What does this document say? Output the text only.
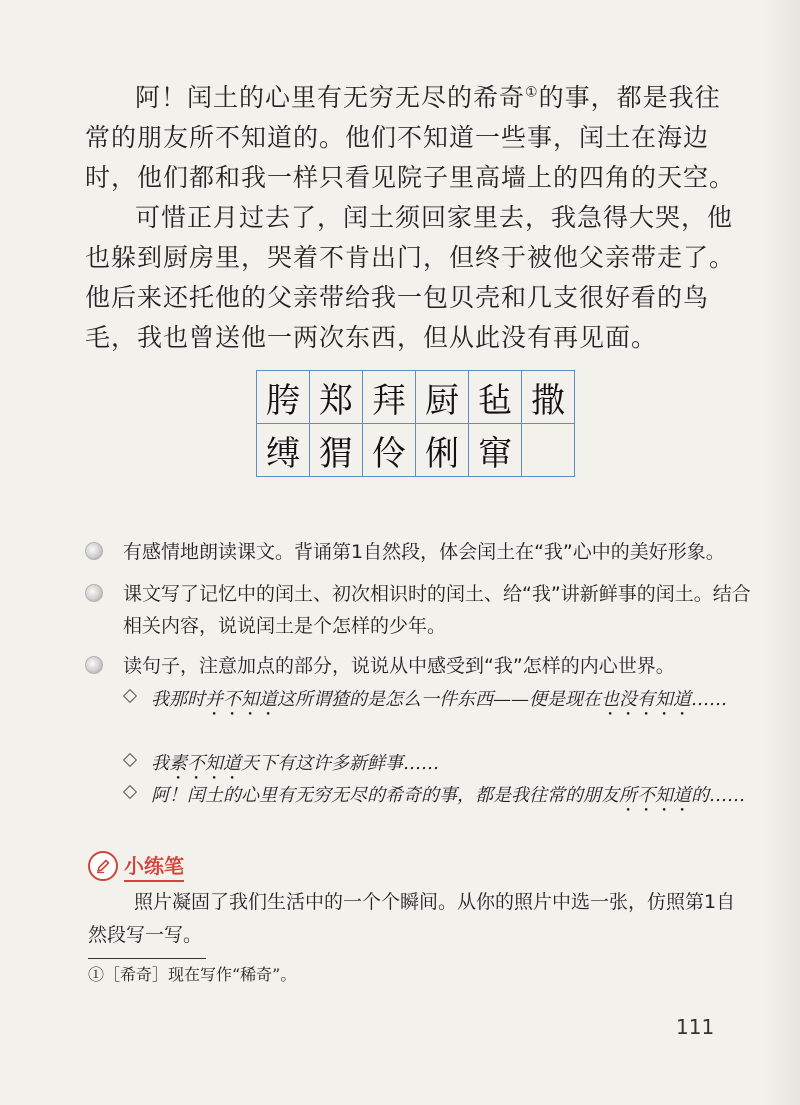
阿！闰土的心里有无穷无尽的希奇①的事，都是我往常的朋友所不知道的。他们不知道一些事，闰土在海边时，他们都和我一样只看见院子里高墙上的四角的天空。

可惜正月过去了，闰土须回家里去，我急得大哭，他也躲到厨房里，哭着不肯出门，但终于被他父亲带走了。他后来还托他的父亲带给我一包贝壳和几支很好看的鸟毛，我也曾送他一两次东西，但从此没有再见面。

胯	郑	拜	厨	毡	撒
缚	猬	伶	俐	窜	
有感情地朗读课文。背诵第1自然段，体会闰土在“我”心中的美好形象。
课文写了记忆中的闰土、初次相识时的闰土、给“我”讲新鲜事的闰土。结合相关内容，说说闰土是个怎样的少年。
读句子，注意加点的部分，说说从中感受到“我”怎样的内心世界。
我那时并不知道这所谓猹的是怎么一件东西——便是现在也没有知道……
我素不知道天下有这许多新鲜事……
阿！闰土的心里有无穷无尽的希奇的事，都是我往常的朋友所不知道的……
小练笔
照片凝固了我们生活中的一个个瞬间。从你的照片中选一张，仿照第1自然段写一写。
①［希奇］现在写作“稀奇”。
111
